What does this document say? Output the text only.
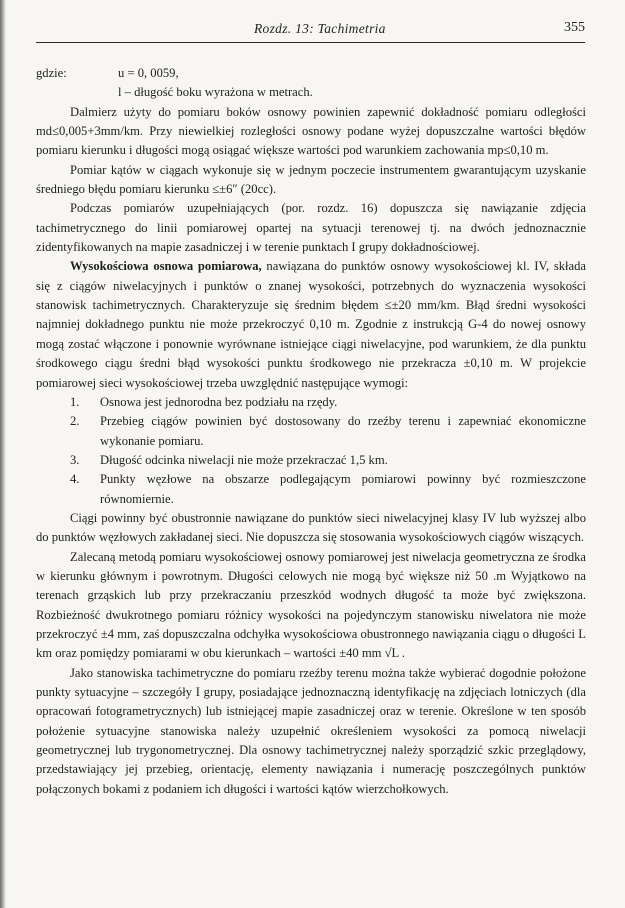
Rozdz. 13: Tachimetria	355
gdzie:	u = 0, 0059,
l – długość boku wyrażona w metrach.

Dalmierz użyty do pomiaru boków osnowy powinien zapewnić dokładność pomiaru odległości md≤0,005+3mm/km. Przy niewielkiej rozległości osnowy podane wyżej dopuszczalne wartości błędów pomiaru kierunku i długości mogą osiągać większe wartości pod warunkiem zachowania mp≤0,10 m.

Pomiar kątów w ciągach wykonuje się w jednym poczecie instrumentem gwarantującym uzyskanie średniego błędu pomiaru kierunku ≤±6″ (20cc).

Podczas pomiarów uzupełniających (por. rozdz. 16) dopuszcza się nawiązanie zdjęcia tachimetrycznego do linii pomiarowej opartej na sytuacji terenowej tj. na dwóch jednoznacznie zidentyfikowanych na mapie zasadniczej i w terenie punktach I grupy dokładnościowej.

Wysokościowa osnowa pomiarowa, nawiązana do punktów osnowy wysokościowej kl. IV, składa się z ciągów niwelacyjnych i punktów o znanej wysokości, potrzebnych do wyznaczenia wysokości stanowisk tachimetrycznych. Charakteryzuje się średnim błędem ≤±20 mm/km. Błąd średni wysokości najmniej dokładnego punktu nie może przekroczyć 0,10 m. Zgodnie z instrukcją G-4 do nowej osnowy mogą zostać włączone i ponownie wyrównane istniejące ciągi niwelacyjne, pod warunkiem, że dla punktu środkowego ciągu średni błąd wysokości punktu środkowego nie przekracza ±0,10 m. W projekcie pomiarowej sieci wysokościowej trzeba uwzględnić następujące wymogi:

1.	Osnowa jest jednorodna bez podziału na rzędy.
2.	Przebieg ciągów powinien być dostosowany do rzeźby terenu i zapewniać ekonomiczne wykonanie pomiaru.
3.	Długość odcinka niwelacji nie może przekraczać 1,5 km.
4.	Punkty węzłowe na obszarze podlegającym pomiarowi powinny być rozmieszczone równomiernie.

Ciągi powinny być obustronnie nawiązane do punktów sieci niwelacyjnej klasy IV lub wyższej albo do punktów węzłowych zakładanej sieci. Nie dopuszcza się stosowania wysokościowych ciągów wiszących.

Zalecaną metodą pomiaru wysokościowej osnowy pomiarowej jest niwelacja geometryczna ze środka w kierunku głównym i powrotnym. Długości celowych nie mogą być większe niż 50 .m Wyjątkowo na terenach grząskich lub przy przekraczaniu przeszkód wodnych długość ta może być zwiększona. Rozbieżność dwukrotnego pomiaru różnicy wysokości na pojedynczym stanowisku niwelatora nie może przekroczyć ±4 mm, zaś dopuszczalna odchyłka wysokościowa obustronnego nawiązania ciągu o długości L km oraz pomiędzy pomiarami w obu kierunkach – wartości ±40 mm √L .

Jako stanowiska tachimetryczne do pomiaru rzeźby terenu można także wybierać dogodnie położone punkty sytuacyjne – szczegóły I grupy, posiadające jednoznaczną identyfikację na zdjęciach lotniczych (dla opracowań fotogrametrycznych) lub istniejącej mapie zasadniczej oraz w terenie. Określone w ten sposób położenie sytuacyjne stanowiska należy uzupełnić określeniem wysokości za pomocą niwelacji geometrycznej lub trygonometrycznej. Dla osnowy tachimetrycznej należy sporządzić szkic przeglądowy, przedstawiający jej przebieg, orientację, elementy nawiązania i numerację poszczególnych punktów połączonych bokami z podaniem ich długości i wartości kątów wierzchołkowych.
